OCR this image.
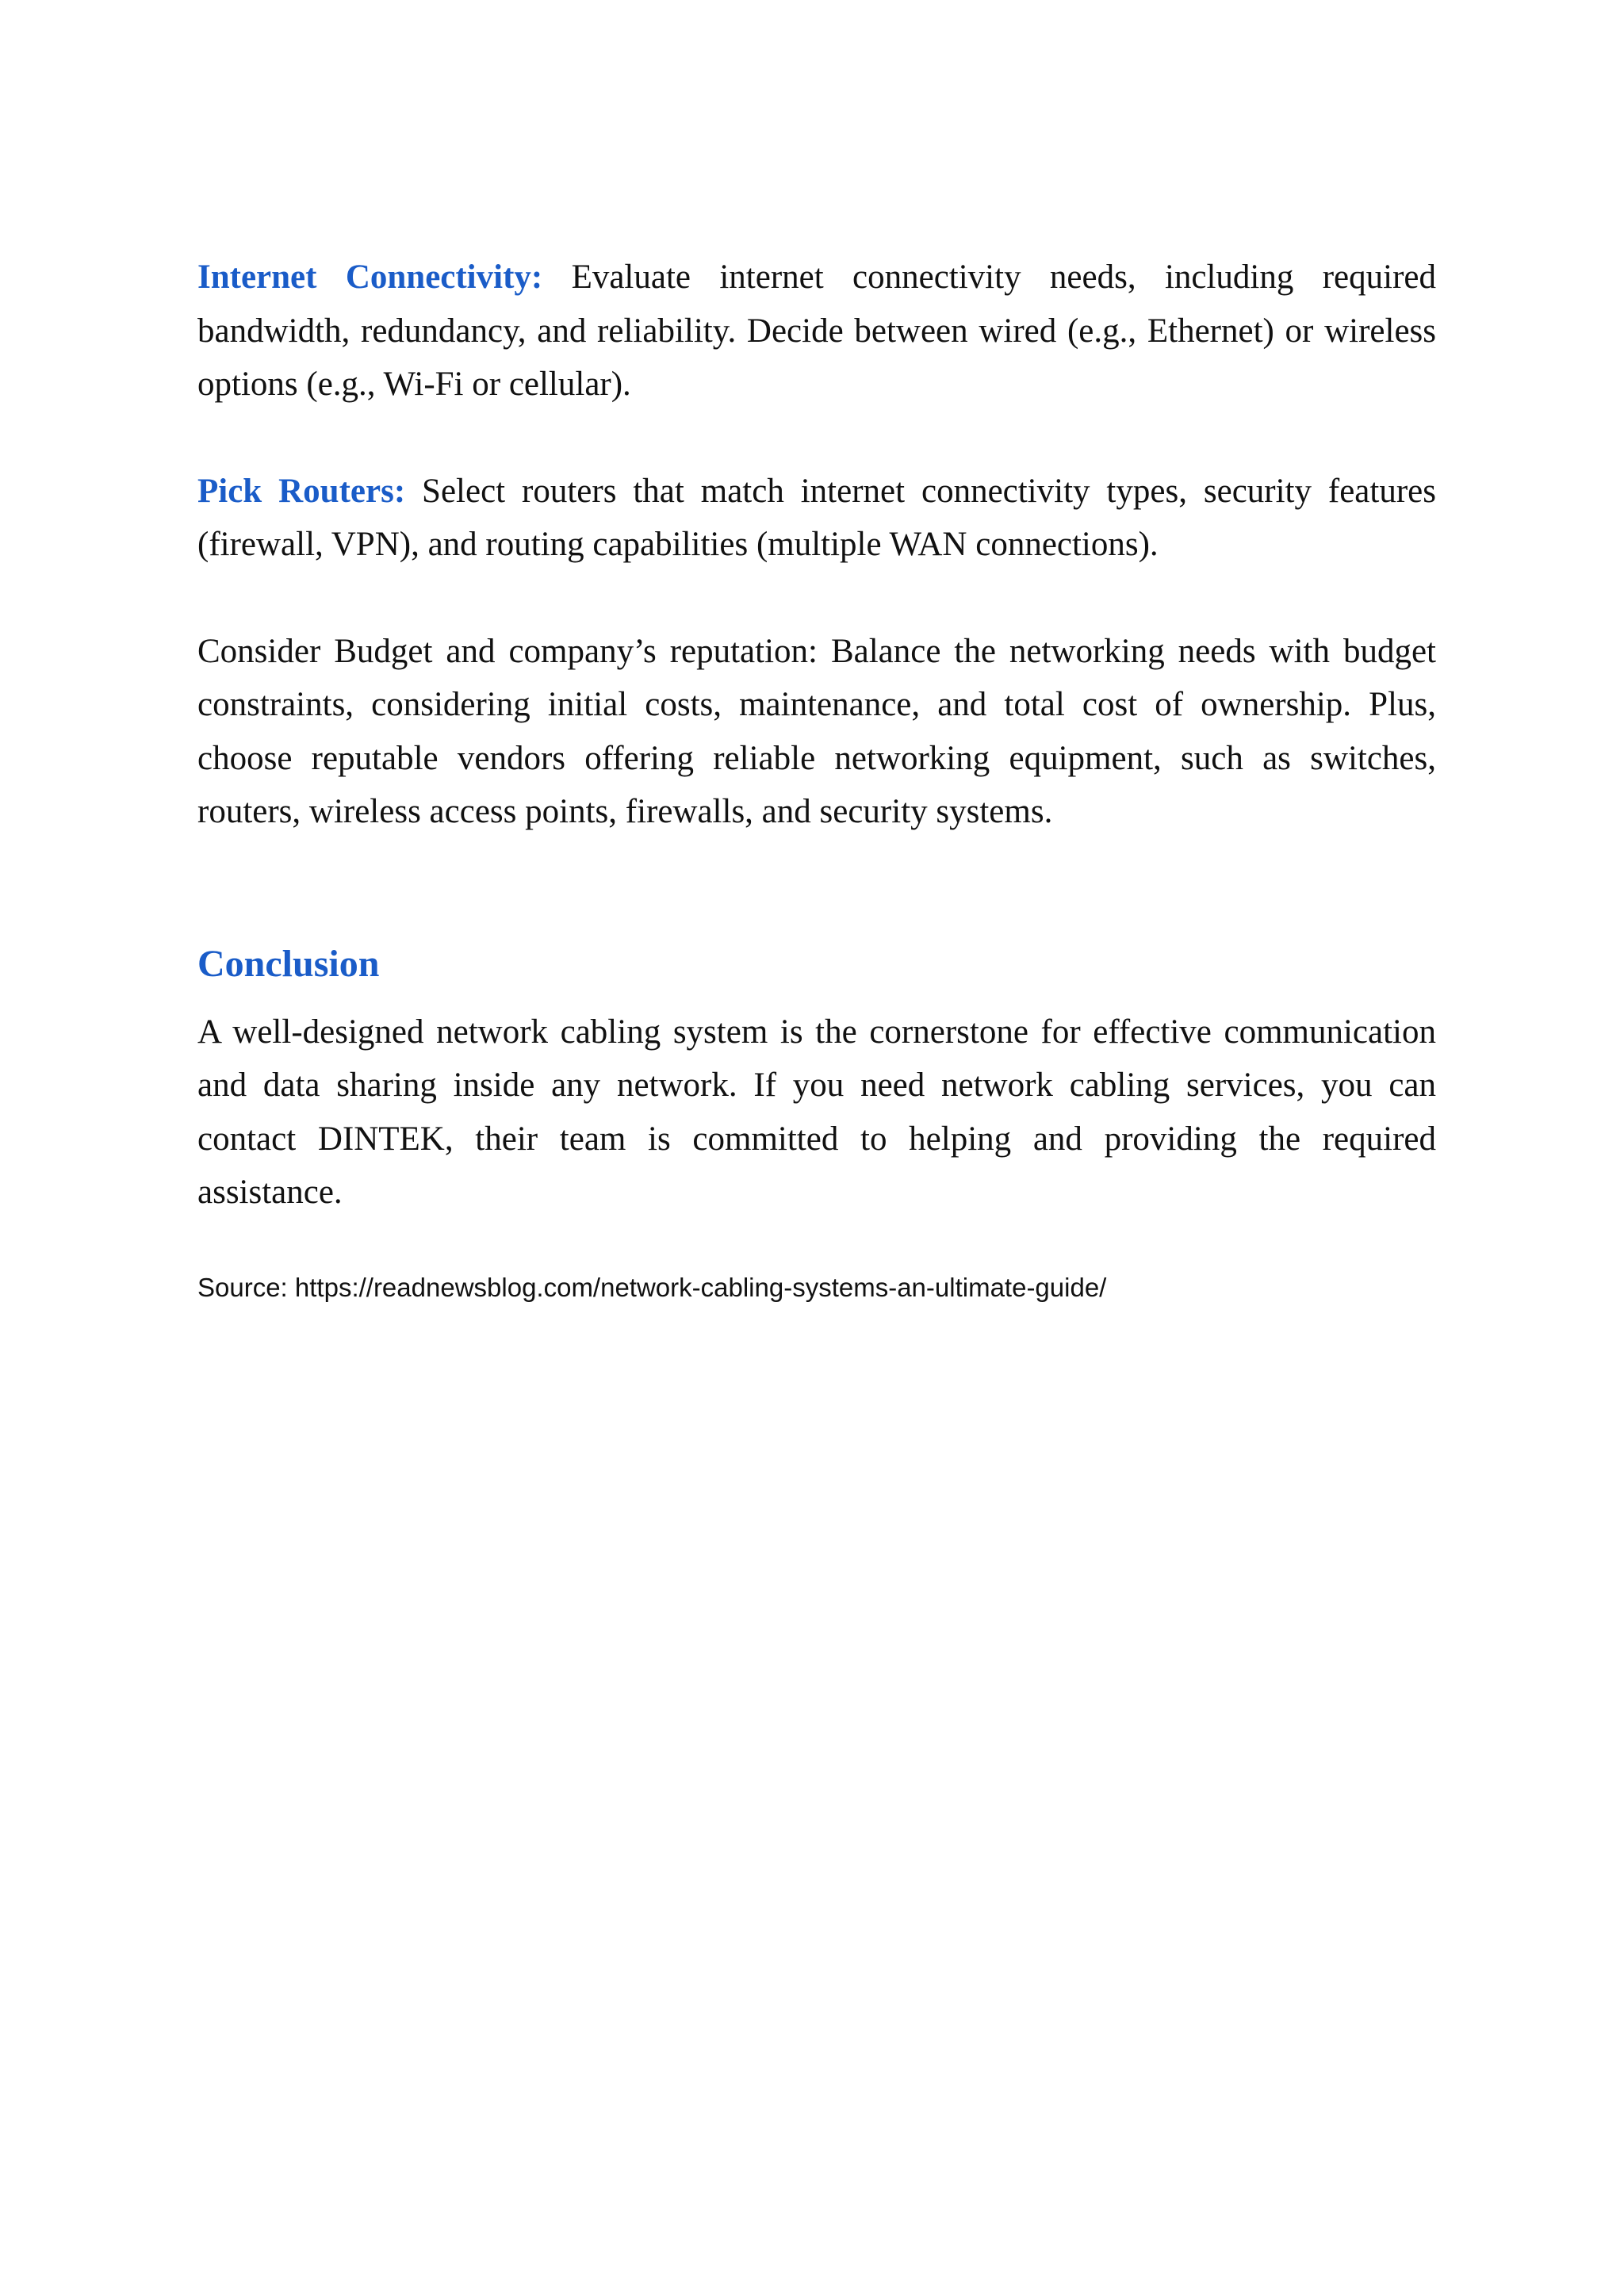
Internet Connectivity: Evaluate internet connectivity needs, including required bandwidth, redundancy, and reliability. Decide between wired (e.g., Ethernet) or wireless options (e.g., Wi-Fi or cellular).

Pick Routers: Select routers that match internet connectivity types, security features (firewall, VPN), and routing capabilities (multiple WAN connections).

Consider Budget and company’s reputation: Balance the networking needs with budget constraints, considering initial costs, maintenance, and total cost of ownership. Plus, choose reputable vendors offering reliable networking equipment, such as switches, routers, wireless access points, firewalls, and security systems.

Conclusion

A well-designed network cabling system is the cornerstone for effective communication and data sharing inside any network. If you need network cabling services, you can contact DINTEK, their team is committed to helping and providing the required assistance.

Source: https://readnewsblog.com/network-cabling-systems-an-ultimate-guide/
